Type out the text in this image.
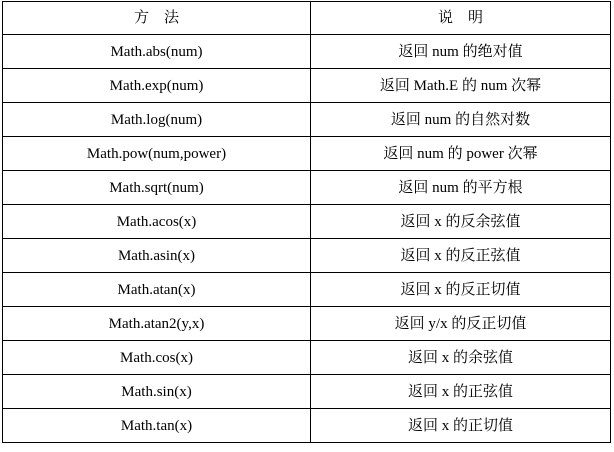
方　法	说　明
Math.abs(num)	返回 num 的绝对值
Math.exp(num)	返回 Math.E 的 num 次幂
Math.log(num)	返回 num 的自然对数
Math.pow(num,power)	返回 num 的 power 次幂
Math.sqrt(num)	返回 num 的平方根
Math.acos(x)	返回 x 的反余弦值
Math.asin(x)	返回 x 的反正弦值
Math.atan(x)	返回 x 的反正切值
Math.atan2(y,x)	返回 y/x 的反正切值
Math.cos(x)	返回 x 的余弦值
Math.sin(x)	返回 x 的正弦值
Math.tan(x)	返回 x 的正切值
